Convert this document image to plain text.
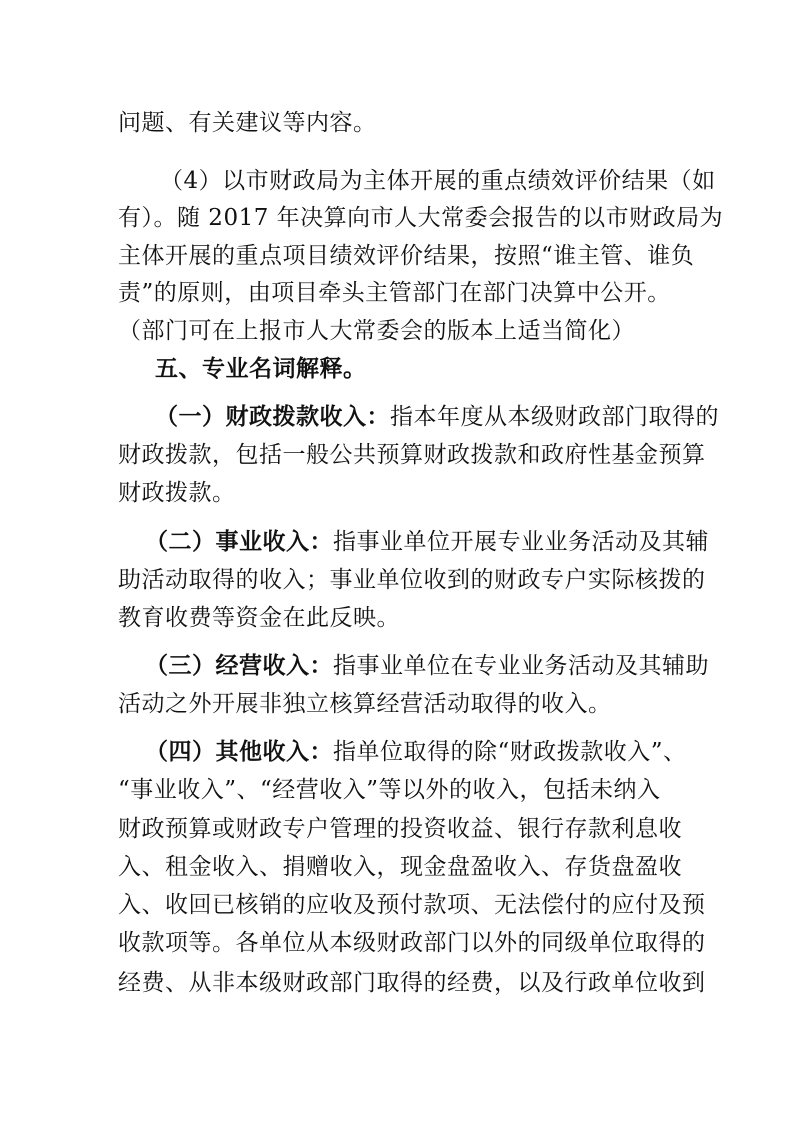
问题、有关建议等内容。
（4）以市财政局为主体开展的重点绩效评价结果（如
有）。随 2017 年决算向市人大常委会报告的以市财政局为
主体开展的重点项目绩效评价结果，按照“谁主管、谁负
责”的原则，由项目牵头主管部门在部门决算中公开。
（部门可在上报市人大常委会的版本上适当简化）
五、专业名词解释。
（一）财政拨款收入：指本年度从本级财政部门取得的
财政拨款，包括一般公共预算财政拨款和政府性基金预算
财政拨款。
（二）事业收入：指事业单位开展专业业务活动及其辅
助活动取得的收入；事业单位收到的财政专户实际核拨的
教育收费等资金在此反映。
（三）经营收入：指事业单位在专业业务活动及其辅助
活动之外开展非独立核算经营活动取得的收入。
（四）其他收入：指单位取得的除“财政拨款收入”、
“事业收入”、“经营收入”等以外的收入，包括未纳入
财政预算或财政专户管理的投资收益、银行存款利息收
入、租金收入、捐赠收入，现金盘盈收入、存货盘盈收
入、收回已核销的应收及预付款项、无法偿付的应付及预
收款项等。各单位从本级财政部门以外的同级单位取得的
经费、从非本级财政部门取得的经费，以及行政单位收到
